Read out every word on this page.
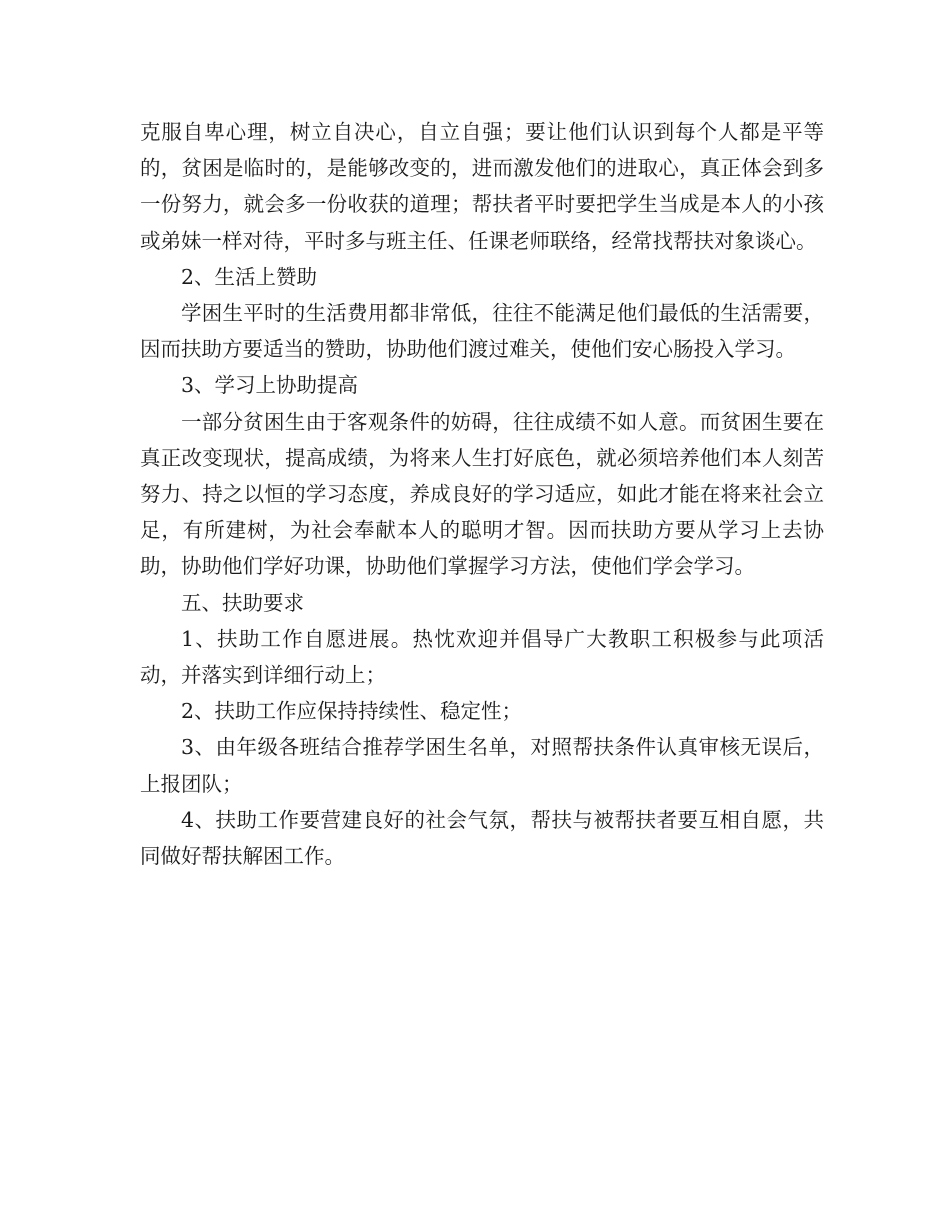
克服自卑心理，树立自决心，自立自强；要让他们认识到每个人都是平等的，贫困是临时的，是能够改变的，进而激发他们的进取心，真正体会到多一份努力，就会多一份收获的道理；帮扶者平时要把学生当成是本人的小孩或弟妹一样对待，平时多与班主任、任课老师联络，经常找帮扶对象谈心。

2、生活上赞助

学困生平时的生活费用都非常低，往往不能满足他们最低的生活需要，因而扶助方要适当的赞助，协助他们渡过难关，使他们安心肠投入学习。

3、学习上协助提高

一部分贫困生由于客观条件的妨碍，往往成绩不如人意。而贫困生要在真正改变现状，提高成绩，为将来人生打好底色，就必须培养他们本人刻苦努力、持之以恒的学习态度，养成良好的学习适应，如此才能在将来社会立足，有所建树，为社会奉献本人的聪明才智。因而扶助方要从学习上去协助，协助他们学好功课，协助他们掌握学习方法，使他们学会学习。

五、扶助要求

1、扶助工作自愿进展。热忱欢迎并倡导广大教职工积极参与此项活动，并落实到详细行动上；

2、扶助工作应保持持续性、稳定性；

3、由年级各班结合推荐学困生名单，对照帮扶条件认真审核无误后，上报团队；

4、扶助工作要营建良好的社会气氛，帮扶与被帮扶者要互相自愿，共同做好帮扶解困工作。
